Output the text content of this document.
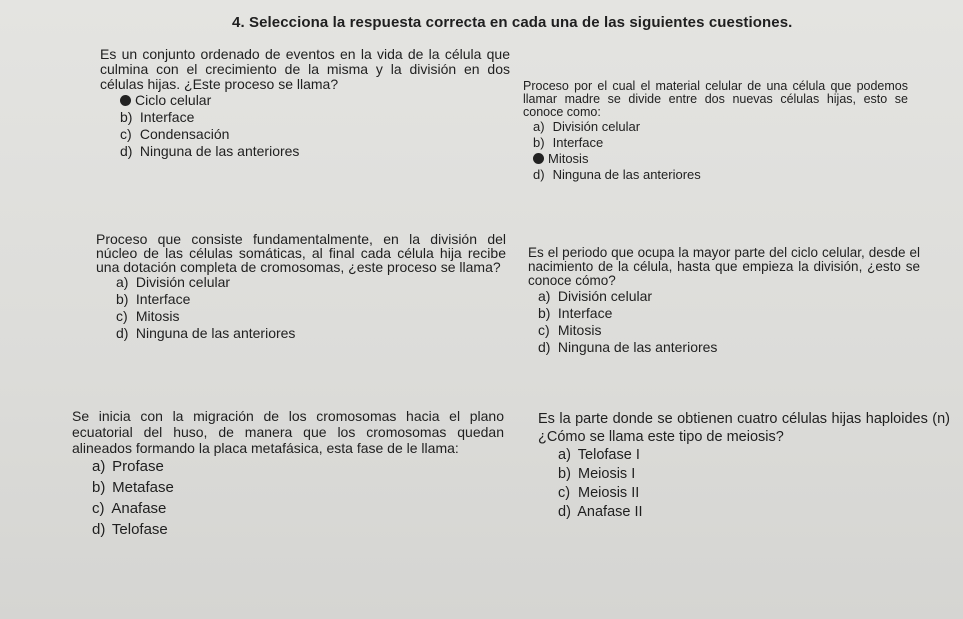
4. Selecciona la respuesta correcta en cada una de las siguientes cuestiones.

Es un conjunto ordenado de eventos en la vida de la célula que culmina con el crecimiento de la misma y la división en dos células hijas. ¿Este proceso se llama?

Ciclo celular
b) Interface
c) Condensación
d) Ninguna de las anteriores

Proceso por el cual el material celular de una célula que podemos llamar madre se divide entre dos nuevas células hijas, esto se conoce como:

a) División celular
b) Interface
Mitosis
d) Ninguna de las anteriores

Proceso que consiste fundamentalmente, en la división del núcleo de las células somáticas, al final cada célula hija recibe una dotación completa de cromosomas, ¿este proceso se llama?

a) División celular
b) Interface
c) Mitosis
d) Ninguna de las anteriores

Es el periodo que ocupa la mayor parte del ciclo celular, desde el nacimiento de la célula, hasta que empieza la división, ¿esto se conoce cómo?

a) División celular
b) Interface
c) Mitosis
d) Ninguna de las anteriores

Se inicia con la migración de los cromosomas hacia el plano ecuatorial del huso, de manera que los cromosomas quedan alineados formando la placa metafásica, esta fase de le llama:

a) Profase
b) Metafase
c) Anafase
d) Telofase

Es la parte donde se obtienen cuatro células hijas haploides (n) ¿Cómo se llama este tipo de meiosis?

a) Telofase I
b) Meiosis I
c) Meiosis II
d) Anafase II
